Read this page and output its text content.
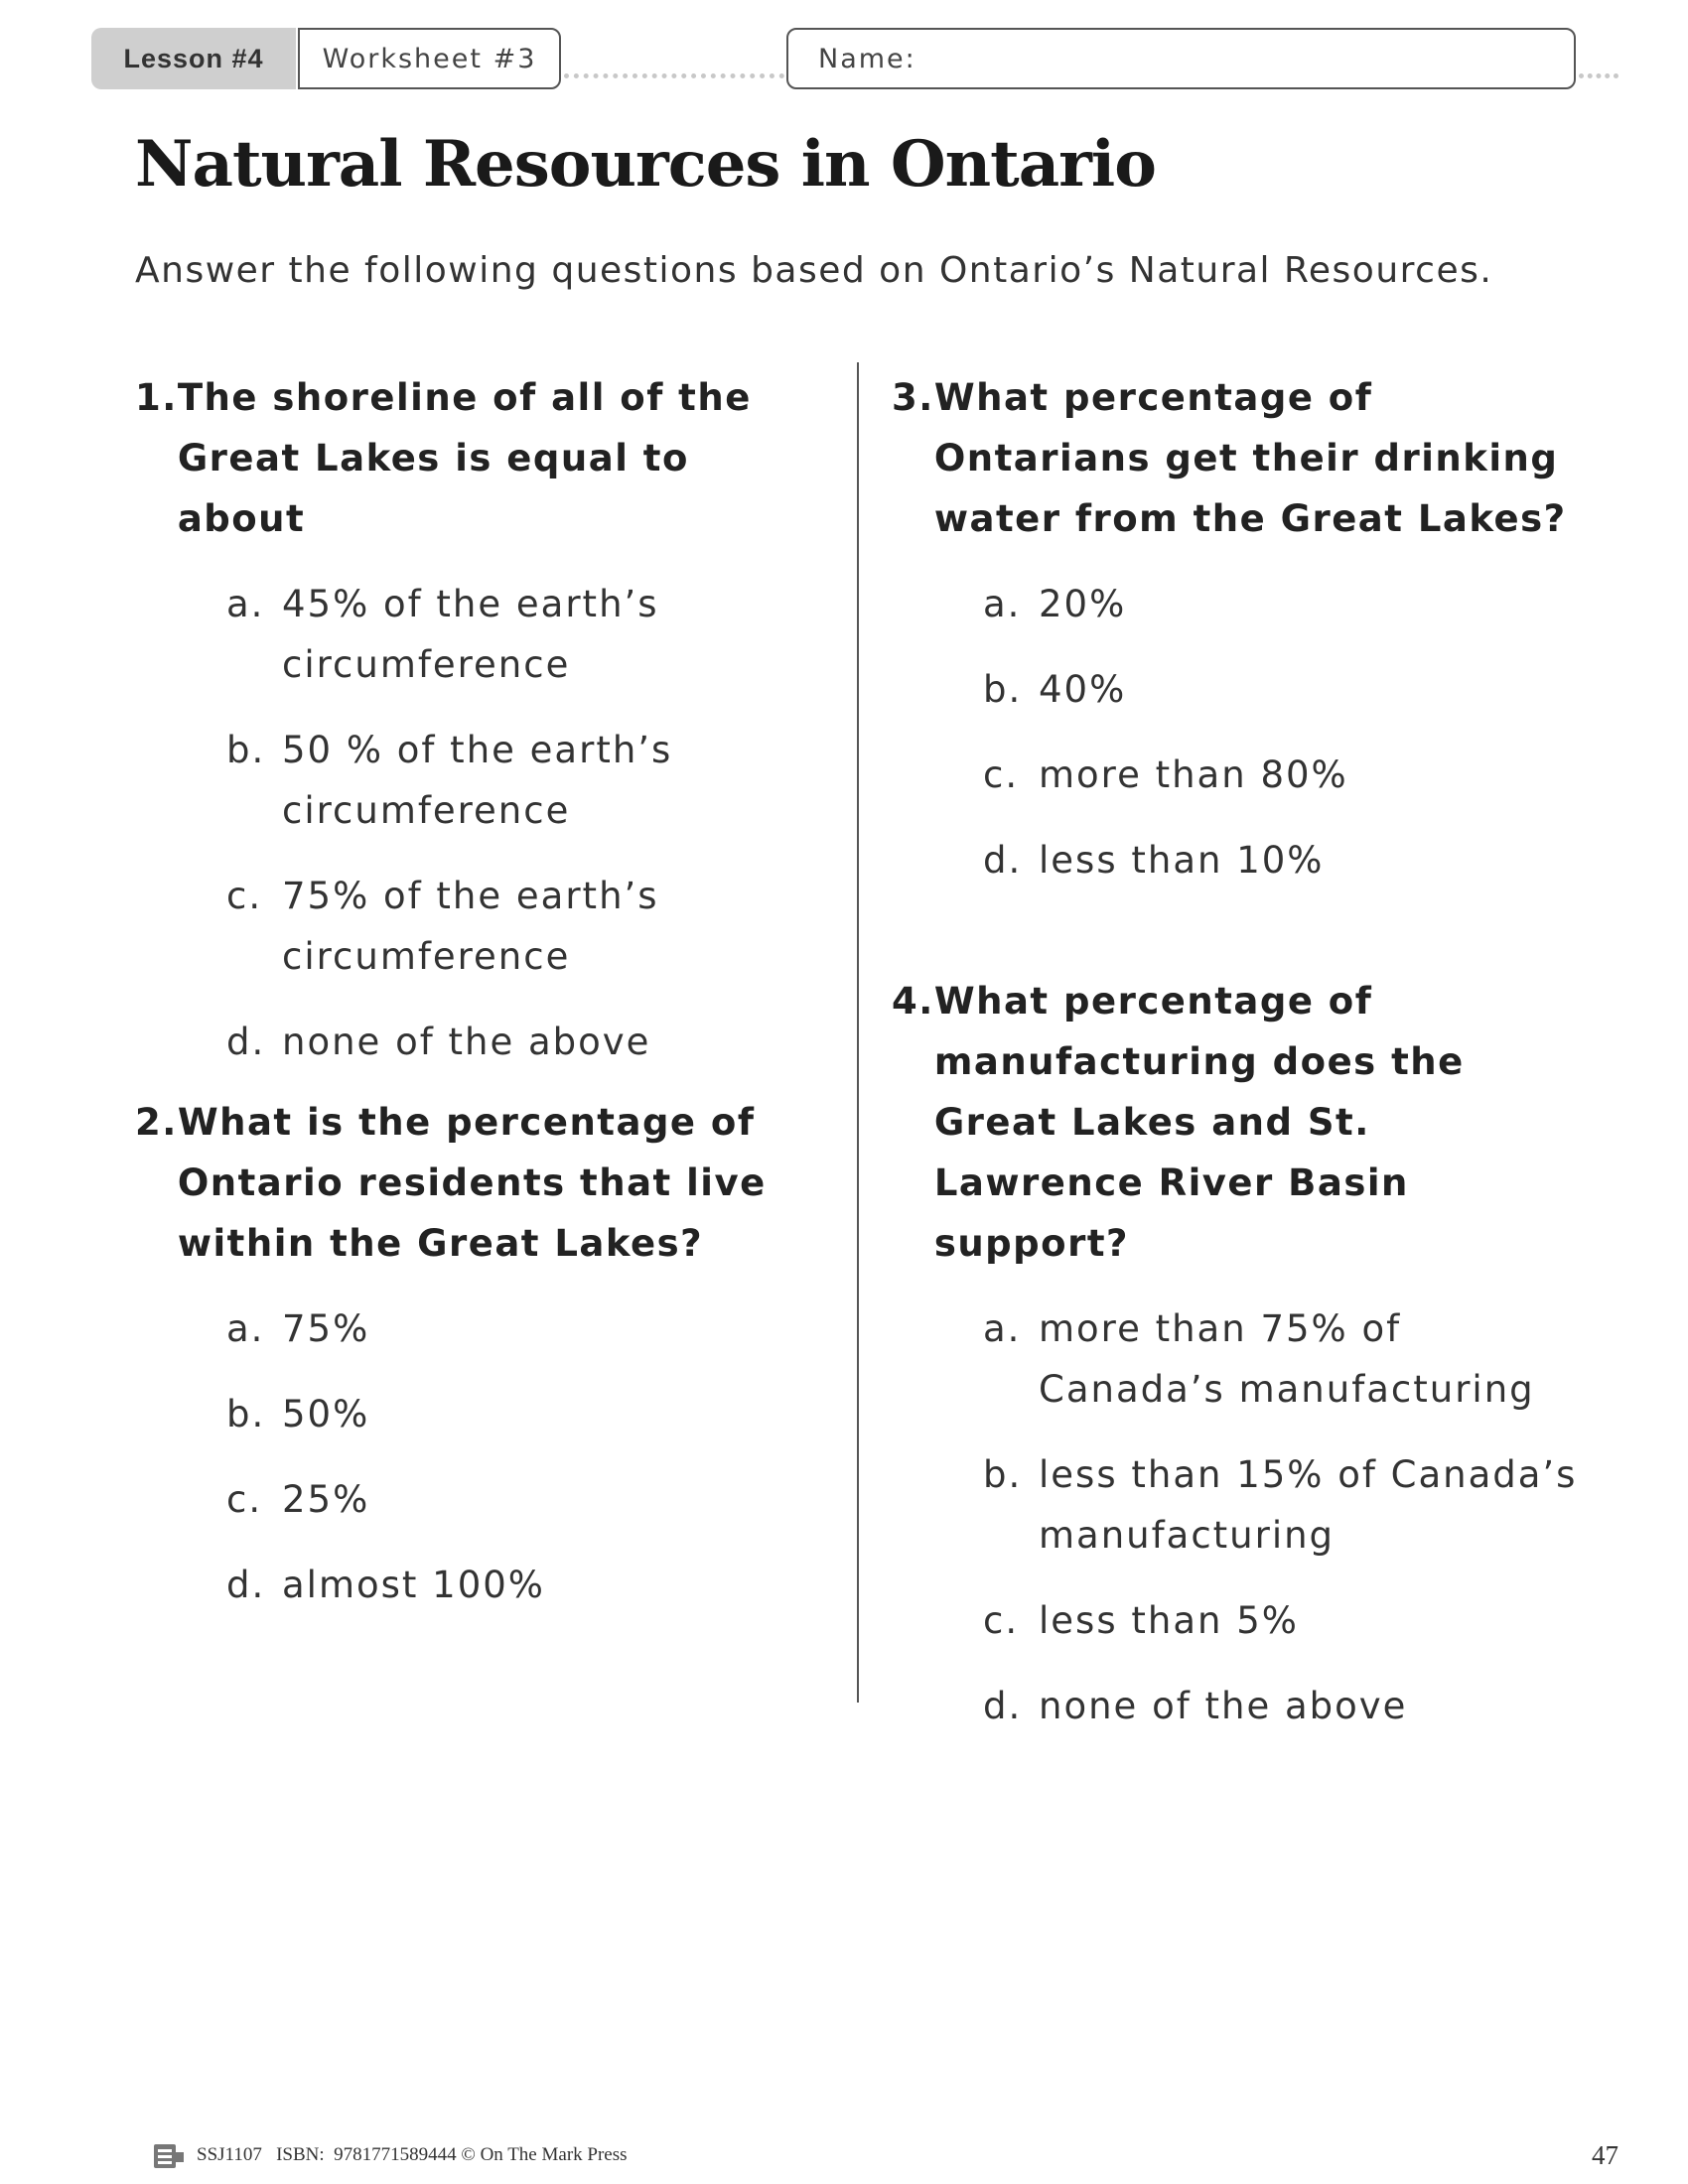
Lesson #4	Worksheet #3	Name:
Natural Resources in Ontario

Answer the following questions based on Ontario’s Natural Resources.

1. The shoreline of all of the Great Lakes is equal to about
a. 45% of the earth’s circumference
b. 50 % of the earth’s circumference
c. 75% of the earth’s circumference
d. none of the above
2. What is the percentage of Ontario residents that live within the Great Lakes?
a. 75%
b. 50%
c. 25%
d. almost 100%
3. What percentage of Ontarians get their drinking water from the Great Lakes?
a. 20%
b. 40%
c. more than 80%
d. less than 10%
4. What percentage of manufacturing does the Great Lakes and St. Lawrence River Basin support?
a. more than 75% of Canada’s manufacturing
b. less than 15% of Canada’s manufacturing
c. less than 5%
d. none of the above
SSJ1107   ISBN:  9781771589444 © On The Mark Press	47
